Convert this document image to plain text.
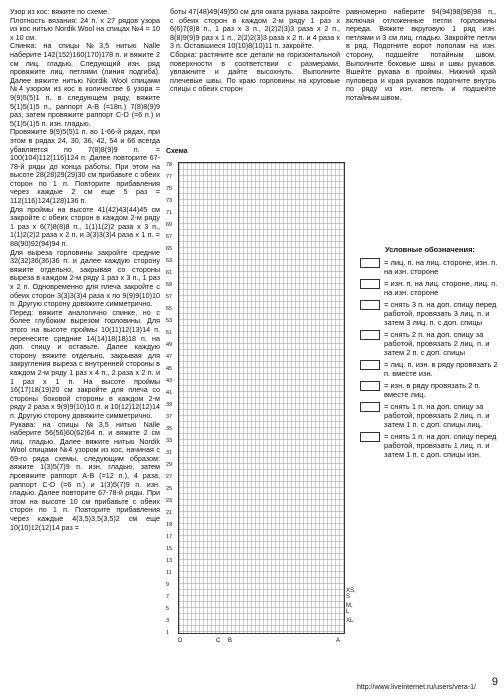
Узор из кос: вяжите по схеме.

Плотность вязания: 24 п. х 27 рядов узора из кос нитью Nordik Wool на спицах №4 = 10 х 10 см.

Спинка: на спицы №3,5 нитью Nalle наберите 142(152)160(170)178 п. и вяжите 2 см лиц. гладью. Следующий изн. ряд провяжите лиц. петлями (линия подгиба). Далее вяжите нитью Nordik Wool спицами №4 узором из кос в количестве 6 узора = 9(9)5(5)1 п. в следующем ряду, вяжите 5(1)5(1)5 п., раппорт А-В (=18п.) 7(8)8(9)9 раз, затем провяжите раппорт С-D (=6 п.) и 5(1)5(1)5 п. изн. гладью.

Провяжите 9(9)5(5)1 п. во 1-66-й рядах, при этом в рядах 24, 30, 36, 42, 54 и 66 всегда убавляется по 7(8)8(9)9 п. = 100(104)112(116)124 п. Далее повторите 67-78-й ряды до конца работы. При этом на высоте 28(28)29(29)30 см прибавьте с обеих сторон по 1 п. Повторите прибавления через каждые 2 см еще 5 раз = 112(116)124(128)136 п.

Для проймы на высоте 41(42)43(44)45 см закройте с обеих сторон в каждом 2-м ряду 1 раз х 6(7)8(8)8 п., 1(1)1(2)2 раза х 3 п., 1(1)2(2)2 раза х 2 п. и 3(3)3(3)4 раза х 1 п. = 88(90)92(94)94 п.

Для выреза горловины закройте средние 32(32)36(36)36 п. и далее каждую сторону вяжите отдельно, закрывая со стороны выреза в каждом 2-м ряду 1 раз х 3 п., 1 раз х 2 п. Одновременно для плеча закройте с обеих сторон 3(3)3(3)4 раза х по 9(9)9(10)10 п. Другую сторону довяжите симметрично.

Перед: вяжите аналогично спинке, но с более глубоким вырезом горловины. Для этого на высоте проймы 10(11)12(13)14 п. перенесите средние 14(14)18(18)18 п. на доп. спицу и оставьте. Далее каждую сторону вяжите отдельно, закрывая для закругления выреза с внутренней стороны в каждом 2-м ряду 1 раз х 4 п., 2 раза х 2 п. и 1 раз х 1 п. На высоте проймы 16(17)18(19)20 см закройте для плеча со стороны боковой стороны в каждом 2-м ряду 2 раза х 9(9)9(10)10 п. и 10(12)12(12)14 п. Другую сторону довяжите симметрично.

Рукава: на спицы №3,5 нитью Nalle наберите 56(56)60(62)64 п. и вяжите 2 см лиц. гладью. Далее вяжите нитью Nordik Wool спицами №4 узором из кос, начиная с 69-го ряда схемы, следующим образом: вяжите 1(3)5(7)9 п. изн. гладью, затем провяжите раппорт А-В (=12 п.), 4 раза, раппорт С-D (=6 п.) и 1(3)5(7)9 п. изн. гладью. Далее повторите 67-78-й ряды. При этом на высоте 10 см прибавьте с обеих сторон по 1 п. Повторите прибавления через каждые 4(3,5)3,5(3,5)2 см еще 10(10)12(12)14 раз =

боты 47(48)49(49)50 см для оката рукава закройте с обеих сторон в каждом 2-м ряду 1 раз х 6(6)7(8)8 п., 1 раз х 3 п., 2(2)2(3)3 раза х 2 п., 8(8)9(9)9 раз х 1 п., 2(2)2(3)3 раза х 2 п. и 4 раза х 3 п. Оставшиеся 10(10)8(10)11 п. закройте.

Сборка: растяните все детали на горизонтальной поверхности в соответствии с размерами, увлажните и дайте высохнуть. Выполните плечевые швы. По краю горловины на круговые спицы с обеих сторон

равномерно наберите 94(94)98(98)98 п., включая отложенные петли горловины переда. Вяжите вкруговую 1 ряд изн. петлями и 3 см лиц. гладью. Закройте петли в ряд. Подогните ворот пополам на изн. сторону, подшейте потайным швом. Выполните боковые швы и швы рукавов. Вшейте рукава в проймы. Нижний край пуловера и края рукавов подогните внутрь по ряду из изн. петель и подшейте потайным швом.

Схема
78
77
75
73
71
69
67
65
63
61
59
57
55
53
51
49
47
45
43
41
39
37
35
33
31
29
27
25
23
21
19
17
15
13
11
9
7
5
3
1
XS, S
M, L
XL
D	C B	A
Условные обозначения:
= лиц. п. на лиц. стороне, изн. п. на изн. стороне
= изн. п. на лиц. стороне, лиц. п. на изн. стороне
= снять 3 п. на доп. спицу перед работой, провязать 3 лиц. п. и затем 3 лиц. п. с доп. спицы
= снять 2 п. на доп. спицу за работой, провязать 2 лиц. п. и затем 2 п. с доп. спицы
= лиц. п. изн. в ряду провязать 2 п. вместе изн.
= изн. в ряду провязать 2 п. вместе лиц.
= снять 1 п. на доп. спицу за работой, провязать 2 лиц. п. и затем 1 п. с доп. спицы лиц.
= снять 1 п. на доп. спицу перед работой, провязать 1 лиц. п. и затем 1 п. с доп. спицы изн.
9
http://www.liveinternet.ru/users/vera-1/
